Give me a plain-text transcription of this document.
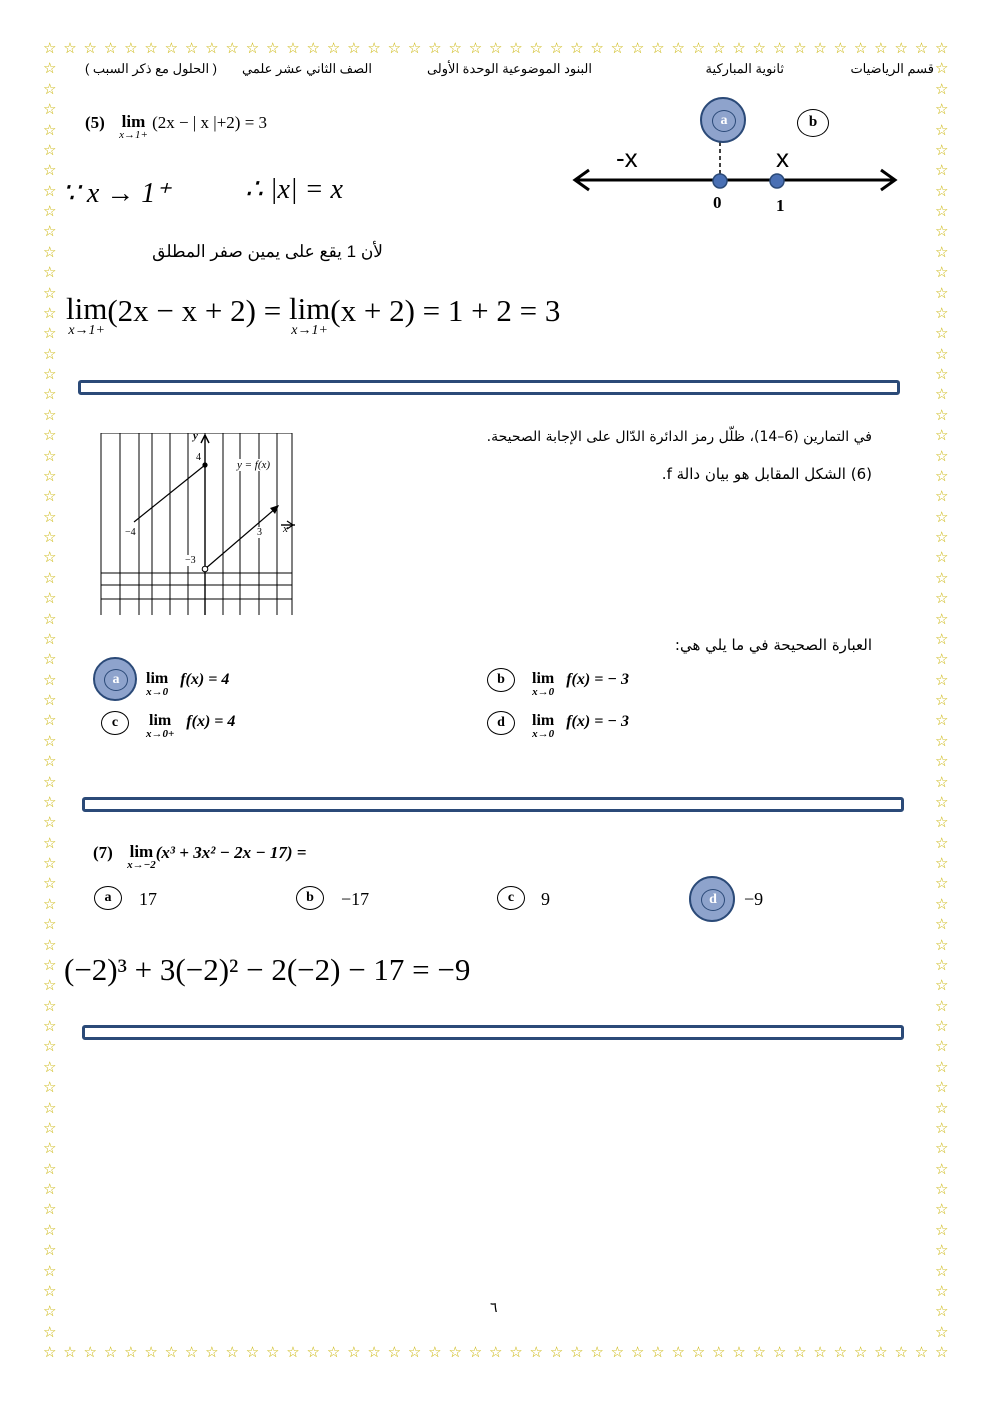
☆
☆
☆
☆
☆
☆
☆
☆
☆
☆
☆
☆
☆
☆
☆
☆
☆
☆
☆
☆
☆
☆
☆
☆
☆
☆
☆
☆
☆
☆
☆
☆
☆
☆
☆
☆
☆
☆
☆
☆
☆
☆
☆
☆
☆
☆
☆
☆
☆
☆
☆
☆
☆
☆
☆
☆
☆
☆
☆
☆
☆
☆
☆
☆
☆
☆
☆
☆
☆
☆
☆
☆
☆
☆
☆
☆
☆
☆
☆
☆
☆
☆
☆
☆
☆
☆
☆
☆
☆
☆
☆	☆
☆	☆
☆	☆
☆	☆
☆	☆
☆	☆
☆	☆
☆	☆
☆	☆
☆	☆
☆	☆
☆	☆
☆	☆
☆	☆
☆	☆
☆	☆
☆	☆
☆	☆
☆	☆
☆	☆
☆	☆
☆	☆
☆	☆
☆	☆
☆	☆
☆	☆
☆	☆
☆	☆
☆	☆
☆	☆
☆	☆
☆	☆
☆	☆
☆	☆
☆	☆
☆	☆
☆	☆
☆	☆
☆	☆
☆	☆
☆	☆
☆	☆
☆	☆
☆	☆
☆	☆
☆	☆
☆	☆
☆	☆
☆	☆
☆	☆
☆	☆
☆	☆
☆	☆
☆	☆
☆	☆
☆	☆
☆	☆
☆	☆
☆	☆
☆	☆
☆	☆
☆	☆
☆	☆
قسم الرياضيات
ثانوية المباركية
البنود الموضوعية الوحدة الأولى
الصف الثاني عشر علمي
( الحلول مع ذكر السبب )
(5) lim
x→1+
(2x − | x |+2) = 3
∵ x → 1⁺	∴ |x| = x
لأن 1 يقع على يمين صفر المطلق
lim
x→1+
(2x − x + 2) = lim
x→1+
(x + 2) = 1 + 2 = 3
-x	x
0	1
a	b
في التمارين (6–14)، ظلّل رمز الدائرة الدّال على الإجابة الصحيحة.
(6) الشكل المقابل هو بيان دالة f.
y
x
y = f(x)
4
−4	3
−3
العبارة الصحيحة في ما يلي هي:
a	lim
x→0
f(x) = 4	b	lim
x→0
f(x) = − 3
c	lim
x→0+
f(x) = 4	d	lim
x→0
f(x) = − 3
(7) lim
x→−2
(x³ + 3x² − 2x − 17) =
a	17	b	−17	c	9	d	−9
(−2)³ + 3(−2)² − 2(−2) − 17 = −9
٦
